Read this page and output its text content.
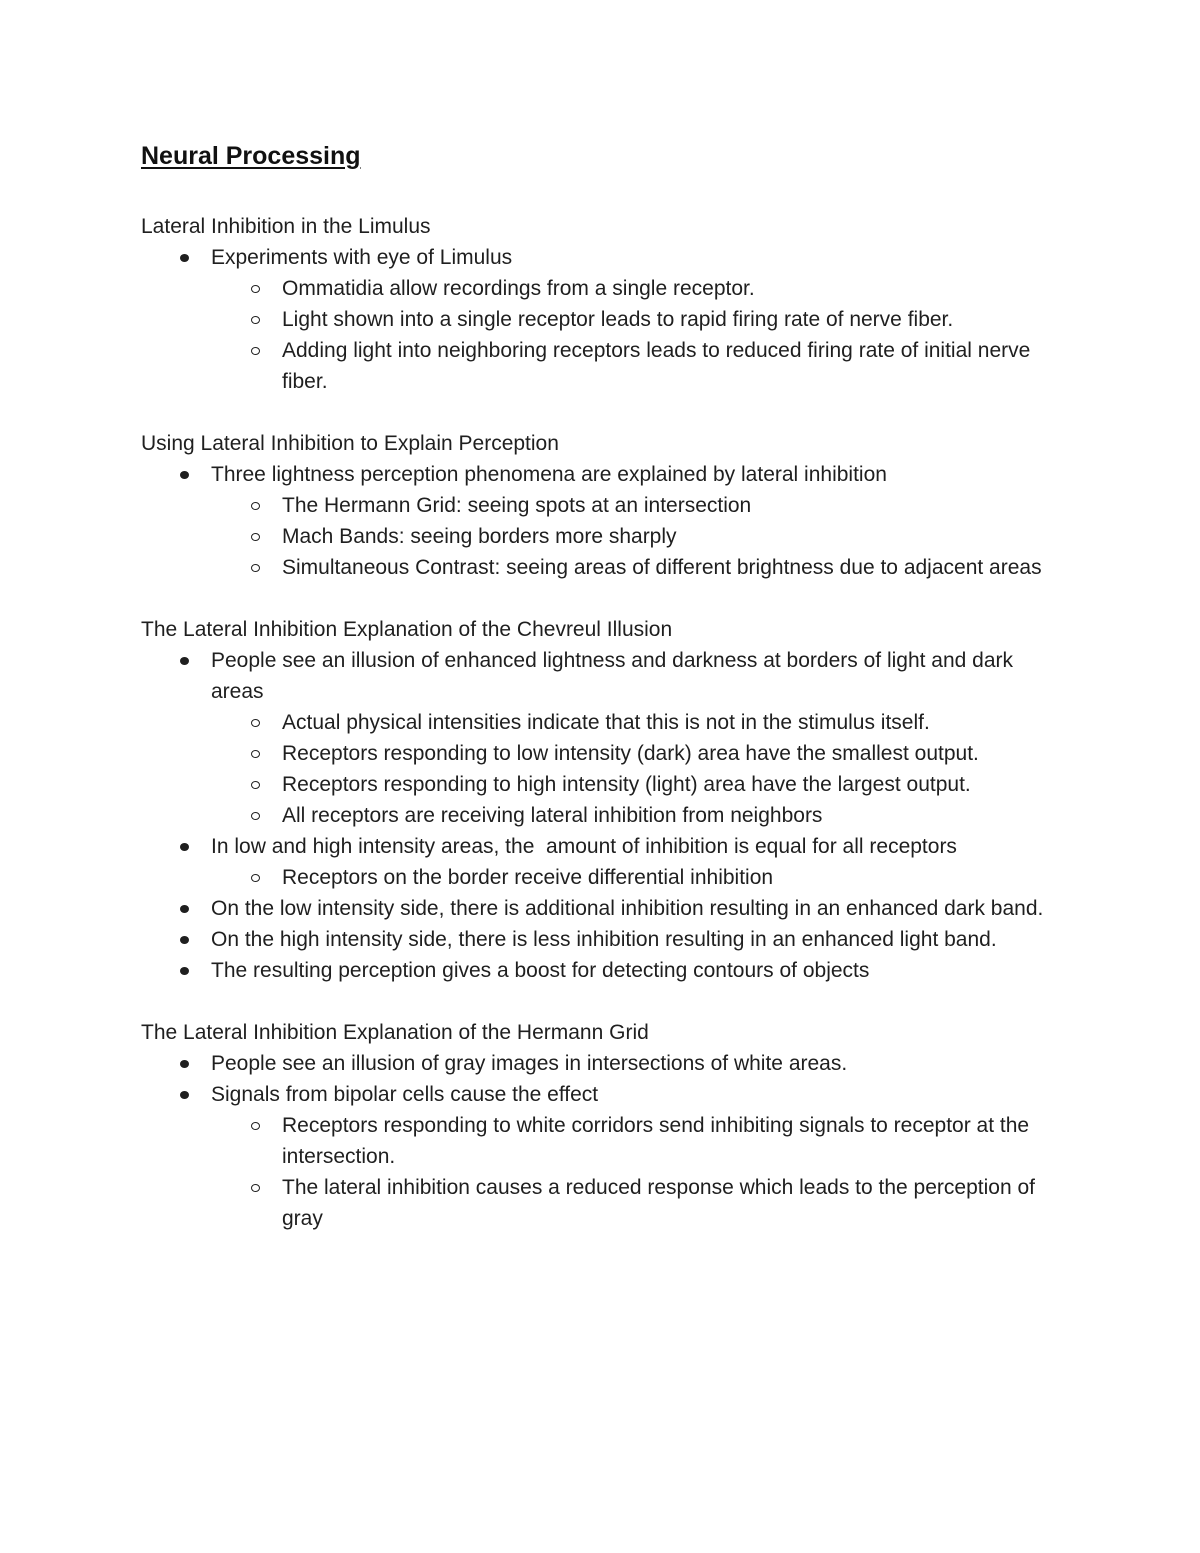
Neural Processing
Lateral Inhibition in the Limulus
Experiments with eye of Limulus
Ommatidia allow recordings from a single receptor.
Light shown into a single receptor leads to rapid firing rate of nerve fiber.
Adding light into neighboring receptors leads to reduced firing rate of initial nerve fiber.
Using Lateral Inhibition to Explain Perception
Three lightness perception phenomena are explained by lateral inhibition
The Hermann Grid: seeing spots at an intersection
Mach Bands: seeing borders more sharply
Simultaneous Contrast: seeing areas of different brightness due to adjacent areas
The Lateral Inhibition Explanation of the Chevreul Illusion
People see an illusion of enhanced lightness and darkness at borders of light and dark areas
Actual physical intensities indicate that this is not in the stimulus itself.
Receptors responding to low intensity (dark) area have the smallest output.
Receptors responding to high intensity (light) area have the largest output.
All receptors are receiving lateral inhibition from neighbors
In low and high intensity areas, the  amount of inhibition is equal for all receptors
Receptors on the border receive differential inhibition
On the low intensity side, there is additional inhibition resulting in an enhanced dark band.
On the high intensity side, there is less inhibition resulting in an enhanced light band.
The resulting perception gives a boost for detecting contours of objects
The Lateral Inhibition Explanation of the Hermann Grid
People see an illusion of gray images in intersections of white areas.
Signals from bipolar cells cause the effect
Receptors responding to white corridors send inhibiting signals to receptor at the intersection.
The lateral inhibition causes a reduced response which leads to the perception of gray
